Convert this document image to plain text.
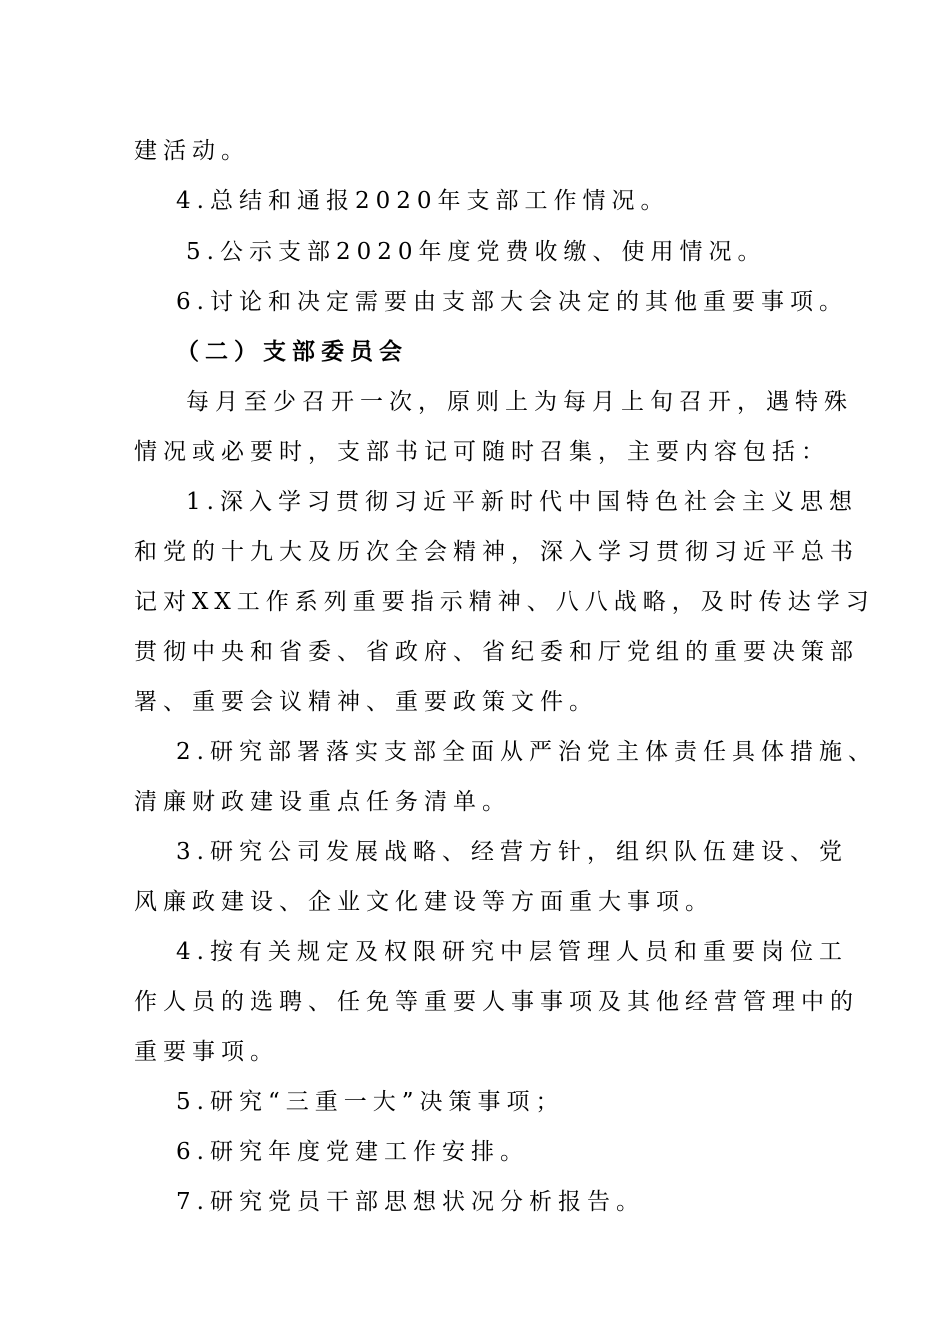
建活动。
4.总结和通报2020年支部工作情况。
5.公示支部2020年度党费收缴、使用情况。
6.讨论和决定需要由支部大会决定的其他重要事项。
（二）支部委员会
每月至少召开一次，原则上为每月上旬召开，遇特殊
情况或必要时，支部书记可随时召集，主要内容包括：
1.深入学习贯彻习近平新时代中国特色社会主义思想
和党的十九大及历次全会精神，深入学习贯彻习近平总书
记对XX工作系列重要指示精神、八八战略，及时传达学习
贯彻中央和省委、省政府、省纪委和厅党组的重要决策部
署、重要会议精神、重要政策文件。
2.研究部署落实支部全面从严治党主体责任具体措施、
清廉财政建设重点任务清单。
3.研究公司发展战略、经营方针，组织队伍建设、党
风廉政建设、企业文化建设等方面重大事项。
4.按有关规定及权限研究中层管理人员和重要岗位工
作人员的选聘、任免等重要人事事项及其他经营管理中的
重要事项。
5.研究“三重一大”决策事项；
6.研究年度党建工作安排。
7.研究党员干部思想状况分析报告。
